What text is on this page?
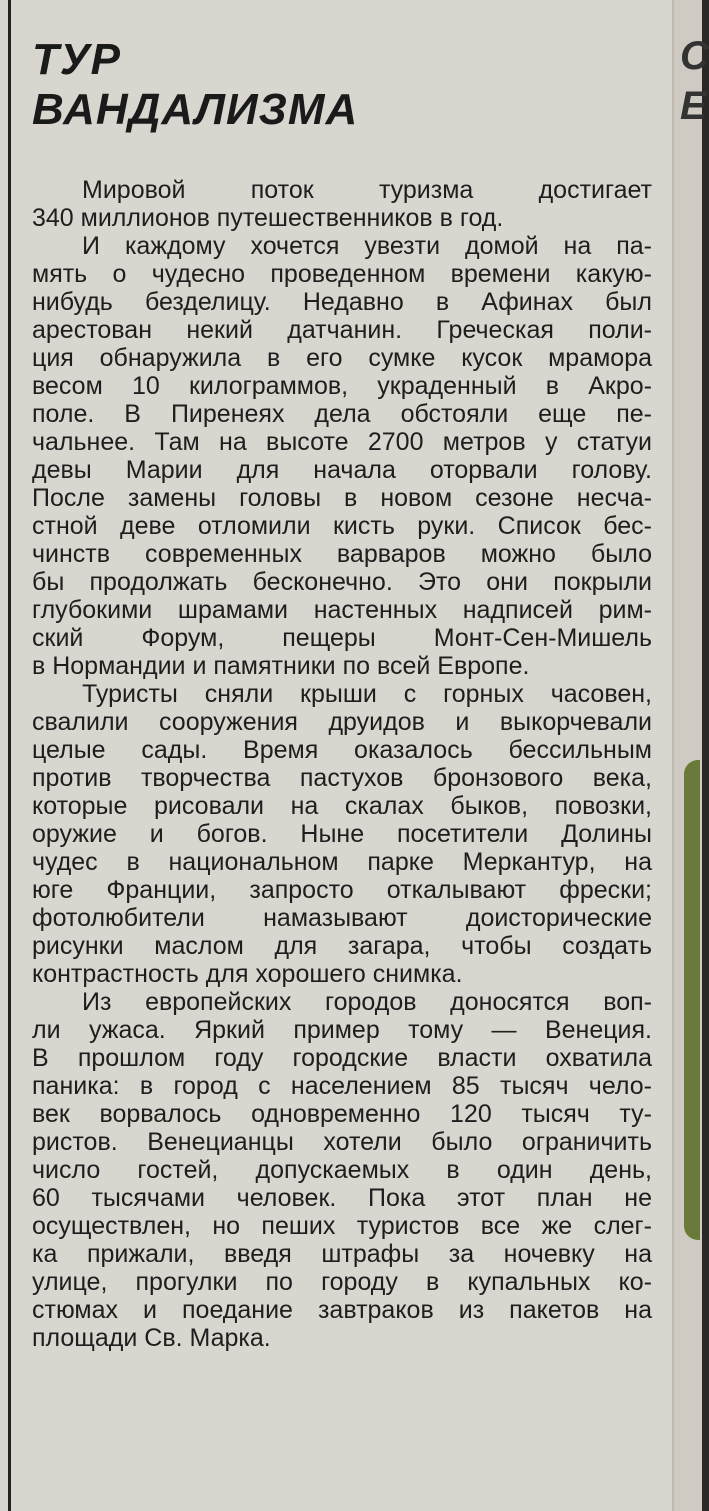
ТУР
ВАНДАЛИЗМА

Мировой поток туризма достигает
340 миллионов путешественников в год.

И каждому хочется увезти домой на па-
мять о чудесно проведенном времени какую-
нибудь безделицу. Недавно в Афинах был
арестован некий датчанин. Греческая поли-
ция обнаружила в его сумке кусок мрамора
весом 10 килограммов, украденный в Акро-
поле. В Пиренеях дела обстояли еще пе-
чальнее. Там на высоте 2700 метров у статуи
девы Марии для начала оторвали голову.
После замены головы в новом сезоне несча-
стной деве отломили кисть руки. Список бес-
чинств современных варваров можно было
бы продолжать бесконечно. Это они покрыли
глубокими шрамами настенных надписей рим-
ский Форум, пещеры Монт-Сен-Мишель
в Нормандии и памятники по всей Европе.

Туристы сняли крыши с горных часовен,
свалили сооружения друидов и выкорчевали
целые сады. Время оказалось бессильным
против творчества пастухов бронзового века,
которые рисовали на скалах быков, повозки,
оружие и богов. Ныне посетители Долины
чудес в национальном парке Меркантур, на
юге Франции, запросто откалывают фрески;
фотолюбители намазывают доисторические
рисунки маслом для загара, чтобы создать
контрастность для хорошего снимка.

Из европейских городов доносятся воп-
ли ужаса. Яркий пример тому — Венеция.
В прошлом году городские власти охватила
паника: в город с населением 85 тысяч чело-
век ворвалось одновременно 120 тысяч ту-
ристов. Венецианцы хотели было ограничить
число гостей, допускаемых в один день,
60 тысячами человек. Пока этот план не
осуществлен, но пеших туристов все же слег-
ка прижали, введя штрафы за ночевку на
улице, прогулки по городу в купальных ко-
стюмах и поедание завтраков из пакетов на
площади Св. Марка.

С
Е
